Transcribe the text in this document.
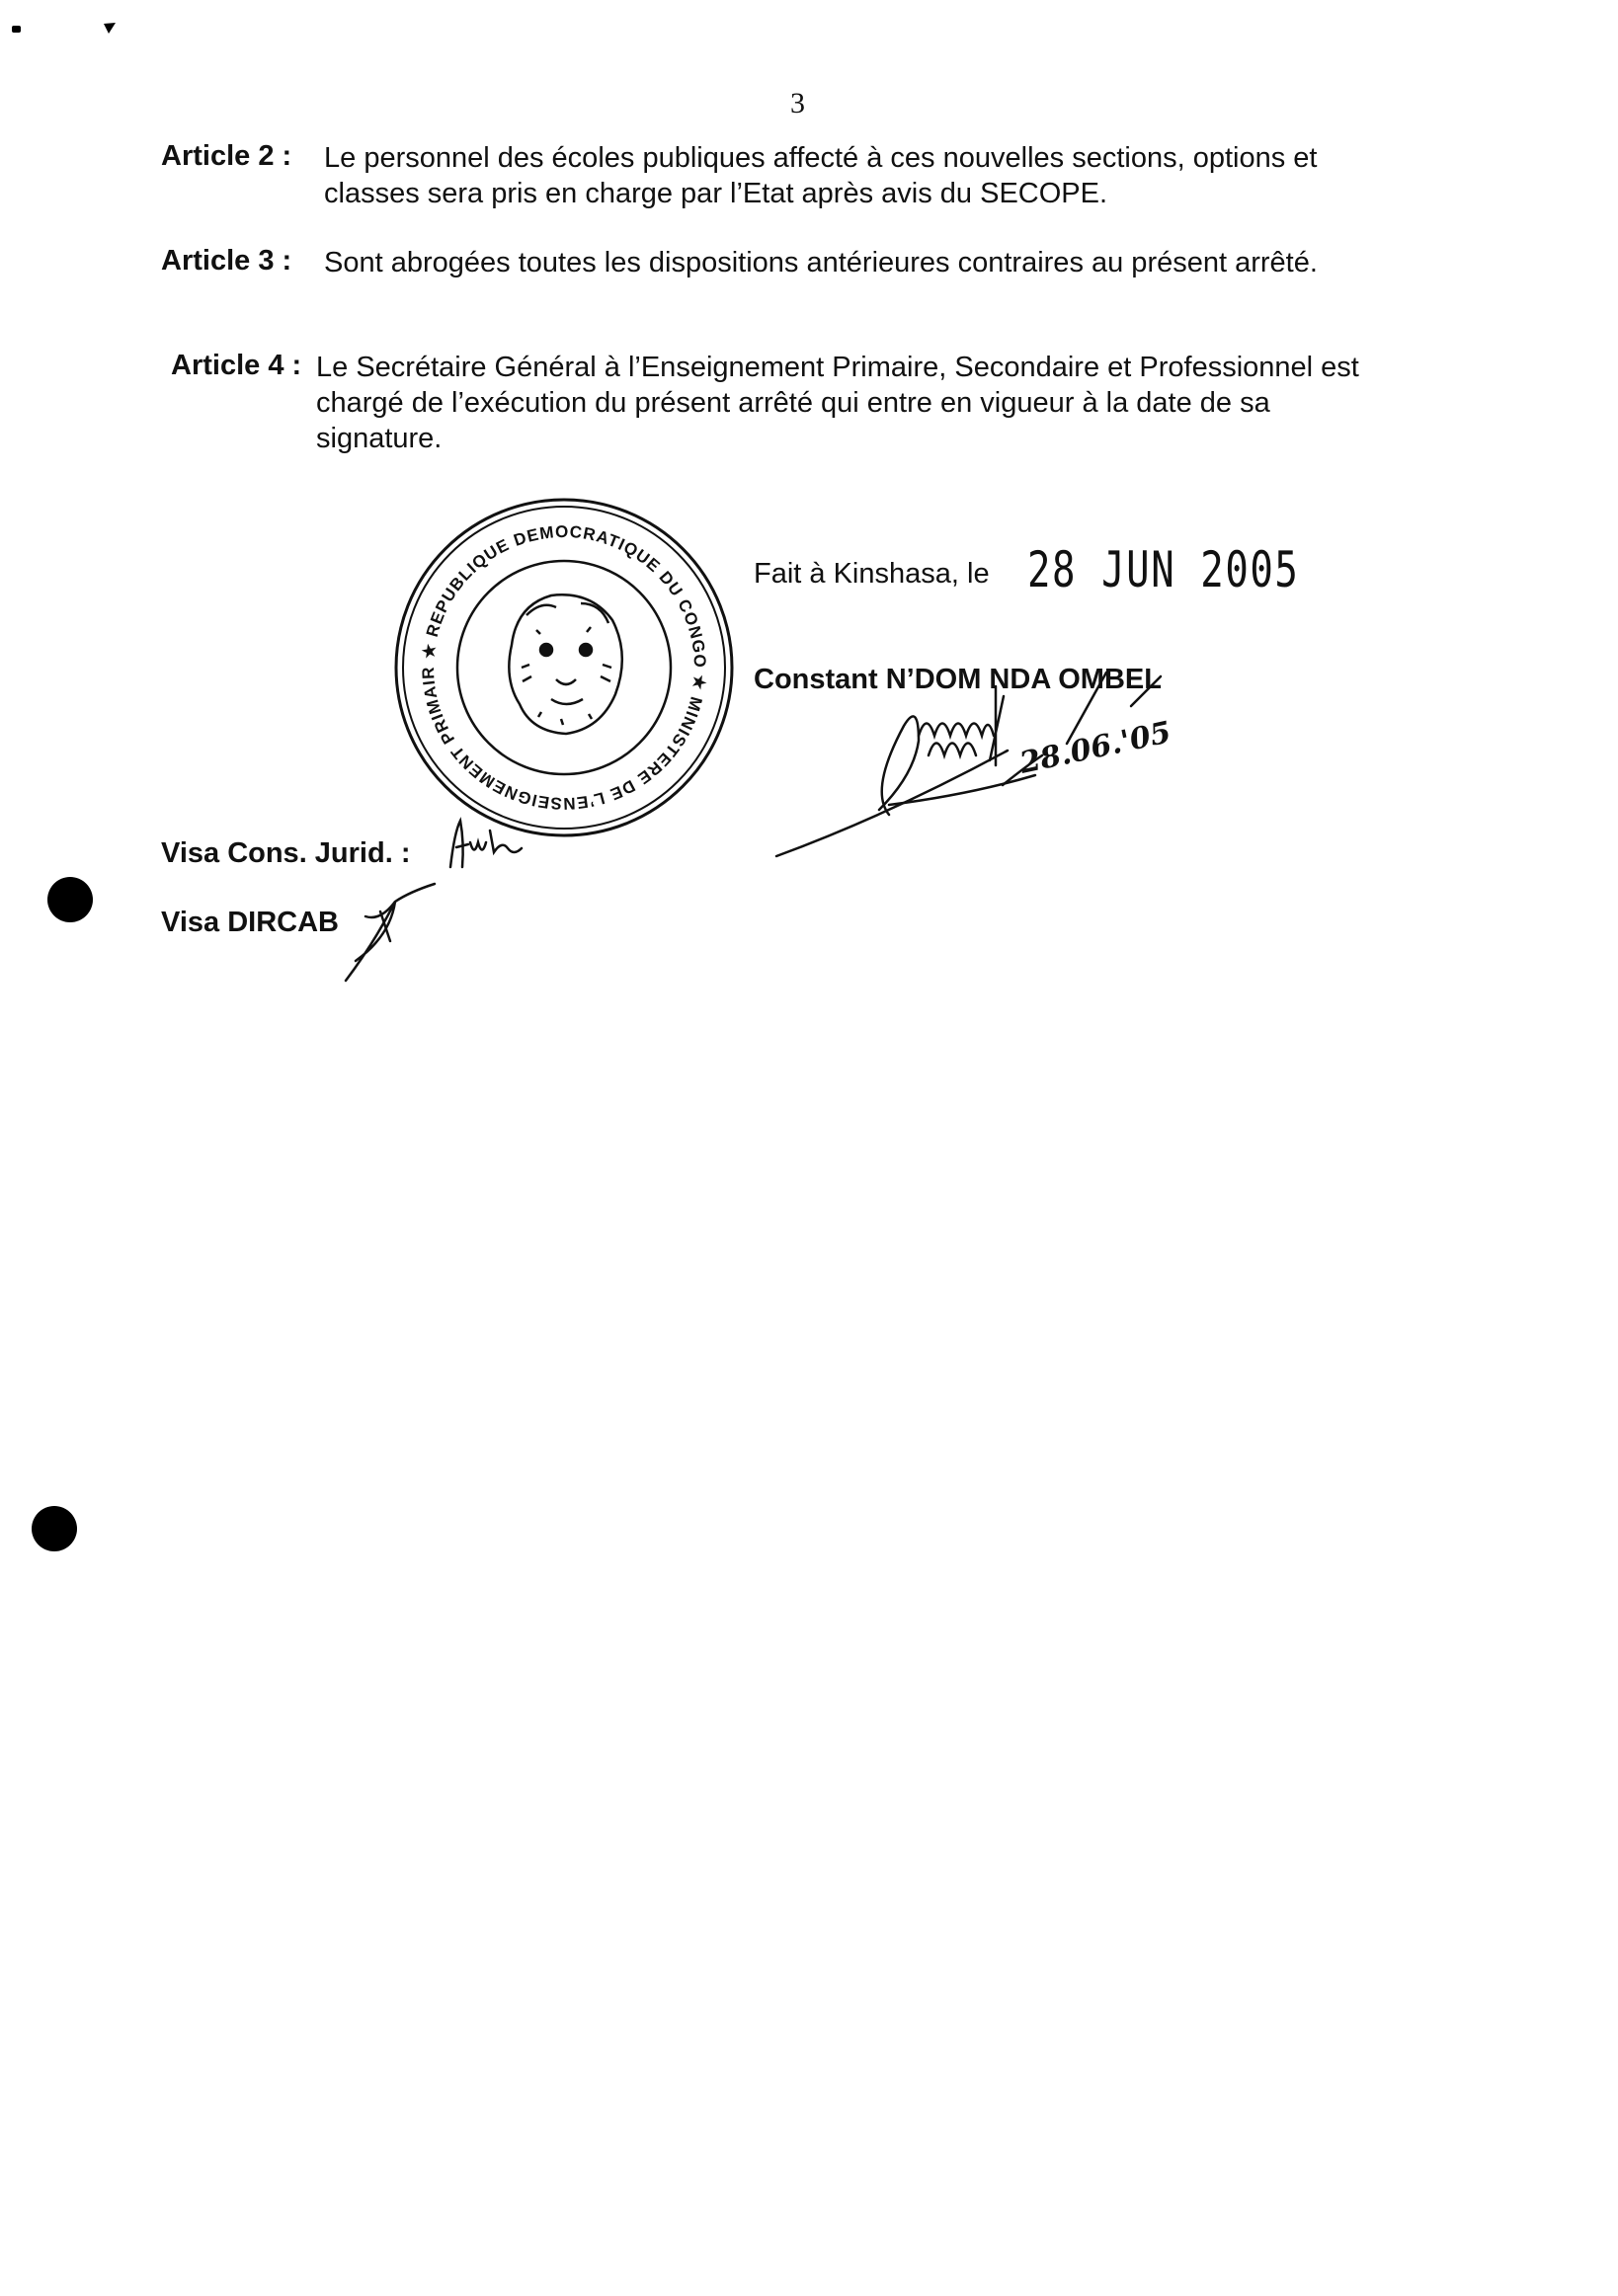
3
Article 2 : Le personnel des écoles publiques affecté à ces nouvelles sections, options et
classes sera pris en charge par l’Etat après avis du SECOPE.
Article 3 : Sont abrogées toutes les dispositions antérieures contraires au présent arrêté.
Article 4 : Le Secrétaire Général à l’Enseignement Primaire, Secondaire et Professionnel est
chargé de l’exécution du présent arrêté qui entre en vigueur à la date de sa
signature.
★ REPUBLIQUE DEMOCRATIQUE DU CONGO ★ MINISTERE DE L’ENSEIGNEMENT PRIMAIRE, SECONDAIRE ET PROFESSIONNEL
Fait à Kinshasa, le 28 JUN 2005
Constant N’DOM NDA OMBEL
28.06.'05
Visa Cons. Jurid. :
Visa DIRCAB
